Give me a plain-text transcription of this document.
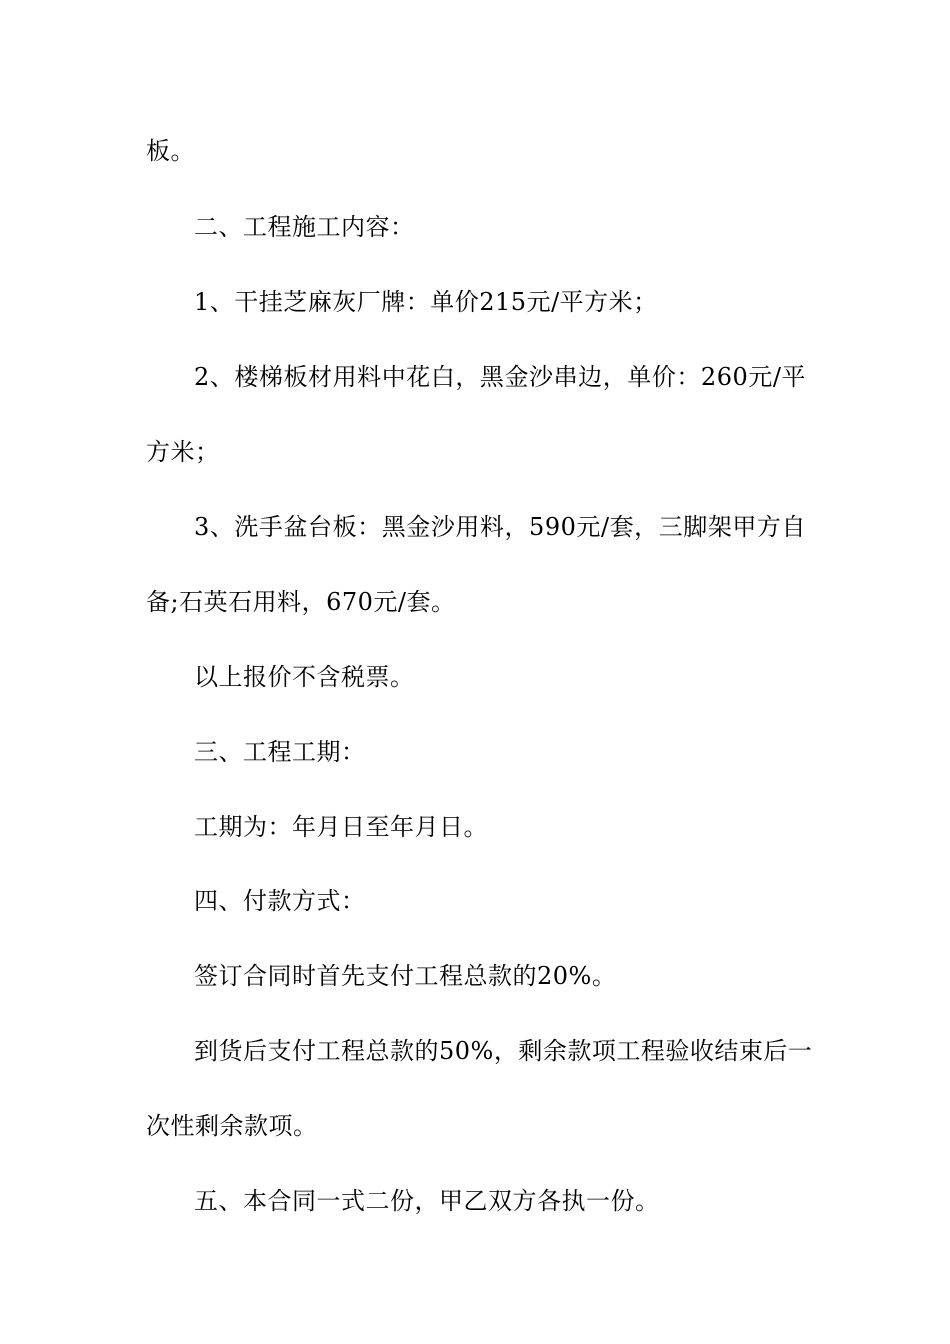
板。
二、工程施工内容：
1、干挂芝麻灰厂牌：单价215元/平方米；
2、楼梯板材用料中花白，黑金沙串边，单价：260元/平
方米；
3、洗手盆台板：黑金沙用料，590元/套，三脚架甲方自
备;石英石用料，670元/套。
以上报价不含税票。
三、工程工期：
工期为：年月日至年月日。
四、付款方式：
签订合同时首先支付工程总款的20%。
到货后支付工程总款的50%，剩余款项工程验收结束后一
次性剩余款项。
五、本合同一式二份，甲乙双方各执一份。
